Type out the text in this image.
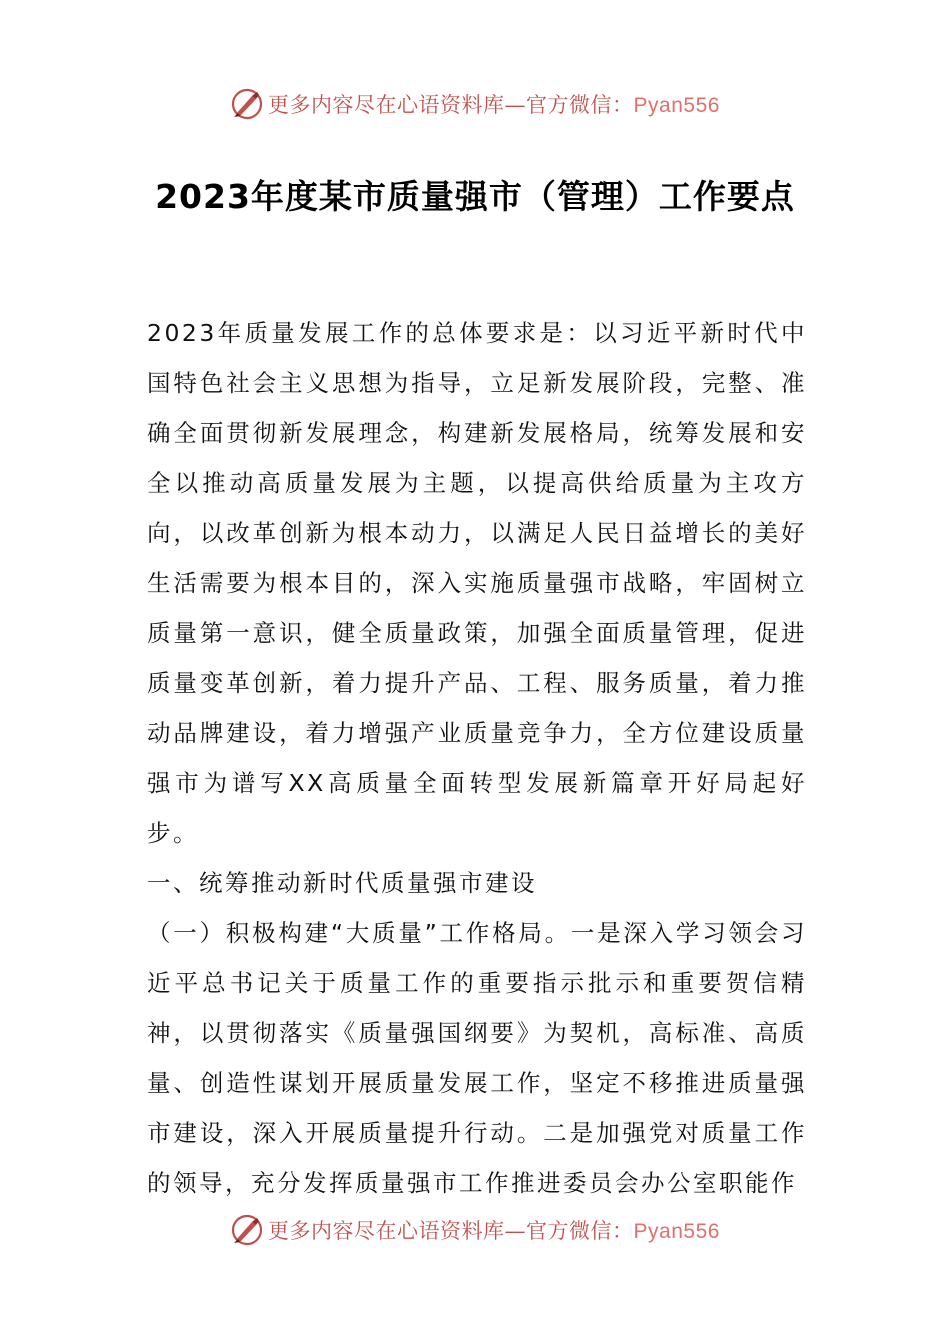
更多内容尽在心语资料库—官方微信：Pyan556
2023年度某市质量强市（管理）工作要点

2023年质量发展工作的总体要求是：以习近平新时代中国特色社会主义思想为指导，立足新发展阶段，完整、准确全面贯彻新发展理念，构建新发展格局，统筹发展和安全以推动高质量发展为主题，以提高供给质量为主攻方向，以改革创新为根本动力，以满足人民日益增长的美好生活需要为根本目的，深入实施质量强市战略，牢固树立质量第一意识，健全质量政策，加强全面质量管理，促进质量变革创新，着力提升产品、工程、服务质量，着力推动品牌建设，着力增强产业质量竞争力，全方位建设质量强市为谱写XX高质量全面转型发展新篇章开好局起好步。

一、统筹推动新时代质量强市建设

（一）积极构建“大质量”工作格局。一是深入学习领会习近平总书记关于质量工作的重要指示批示和重要贺信精神，以贯彻落实《质量强国纲要》为契机，高标准、高质量、创造性谋划开展质量发展工作，坚定不移推进质量强市建设，深入开展质量提升行动。二是加强党对质量工作的领导，充分发挥质量强市工作推进委员会办公室职能作

更多内容尽在心语资料库—官方微信：Pyan556
